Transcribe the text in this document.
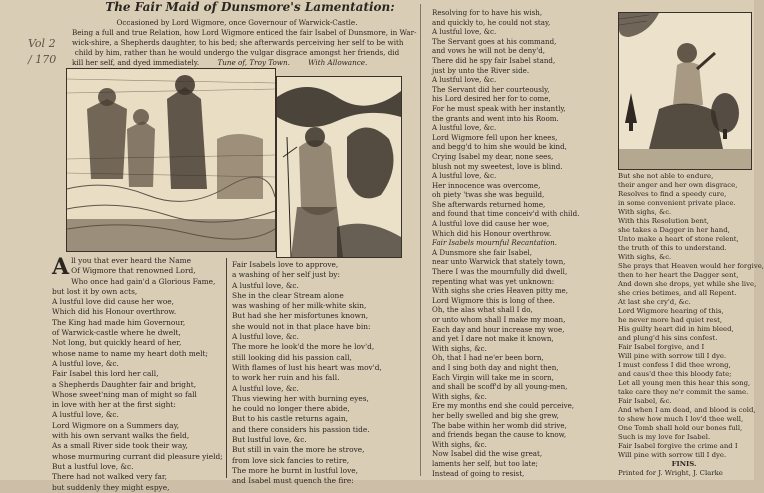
The Fair Maid of Dunsmore's Lamentation:
Occasioned by Lord Wigmore, once Governour of Warwick-Castle.
Being a full and true Relation, how Lord Wigmore enticed the fair Isabel of Dunsmore, in War-
wick-shire, a Shepherds daughter, to his bed; she afterwards perceiving her self to be with
child by him, rather than he would undergo the vulgar disgrace amongst her friends, did
kill her self, and dyed immediately.	Tune of, Troy Town.	With Allowance.
Vol 2 / 170
All you that ever heard the Name
Of Wigmore that renowned Lord,
Who once had gain'd a Glorious Fame,
but lost it by own acts,
A lustful love did cause her woe,
Which did his Honour overthrow.
The King had made him Governour,
of Warwick-castle where he dwelt,
Not long, but quickly heard of her,
whose name to name my heart doth melt;
A lustful love, &c.
Fair Isabel this lord her call,
a Shepherds Daughter fair and bright,
Whose sweet'ning man of might so fall
in love with her at the first sight:
A lustful love, &c.
Lord Wigmore on a Summers day,
with his own servant walks the field,
As a small River side took their way,
whose murmuring currant did pleasure yield;
But a lustful love, &c.
There had not walked very far,
but suddenly they might espye,
Fair Isabels love to approve,
a washing of her self just by:
A lustful love, &c.
She in the clear Stream alone
was washing of her milk-white skin,
But had she her misfortunes known,
she would not in that place have bin:
A lustful love, &c.
The more he look'd the more he lov'd,
still looking did his passion call,
With flames of lust his heart was mov'd,
to work her ruin and his fall.
A lustful love, &c.
Thus viewing her with burning eyes,
he could no longer there abide,
But to his castle returns again,
and there considers his passion tide.
But lustful love, &c.
But still in vain the more he strove,
from love sick fancies to retire,
The more he burnt in lustful love,
and Isabel must quench the fire:
Resolving for to have his wish,
and quickly to, he could not stay,
A lustful love, &c.
The Servant goes at his command,
and vows he will not be deny'd,
There did he spy fair Isabel stand,
just by unto the River side.
A lustful love, &c.
The Servant did her courteously,
his Lord desired her for to come,
For he must speak with her instantly,
the grants and went into his Room.
A lustful love, &c.
Lord Wigmore fell upon her knees,
and begg'd to him she would be kind,
Crying Isabel my dear, none sees,
blush not my sweetest, love is blind.
A lustful love, &c.
Her innocence was overcome,
oh piety 'twas she was beguild,
She afterwards returned home,
and found that time conceiv'd with child.
A lustful love did cause her woe,
Which did his Honour overthrow.
Fair Isabels mournful Recantation.
A Dunsmore she fair Isabel,
near unto Warwick that stately town,
There I was the mournfully did dwell,
repenting what was yet unknown:
With sighs she cries Heaven pitty me,
Lord Wigmore this is long of thee.
Oh, the alas what shall I do,
or unto whom shall I make my moan,
Each day and hour increase my woe,
and yet I dare not make it known,
With sighs, &c.
Oh, that I had ne'er been born,
and I sing both day and night then,
Each Virgin will take me in scorn,
and shall be scoff'd by all young-men,
With sighs, &c.
Ere my months end she could perceive,
her belly swelled and big she grew,
The babe within her womb did strive,
and friends began the cause to know,
With sighs, &c.
Now Isabel did the wise great,
laments her self, but too late;
Instead of going to resist,
But she not able to endure,
their anger and her own disgrace,
Resolves to find a speedy cure,
in some convenient private place.
With sighs, &c.
With this Resolution bent,
she takes a Dagger in her hand,
Unto make a heart of stone relent,
the truth of this to understand.
With sighs, &c.
She prays that Heaven would her forgive,
then to her heart the Dagger sent,
And down she drops, yet while she live,
she cries betimes, and all Repent.
At last she cry'd, &c.
Lord Wigmore hearing of this,
he never more had quiet rest,
His guilty heart did in him bleed,
and plung'd his sins confest.
Fair Isabel forgive, and I
Will pine with sorrow till I dye.
I must confess I did thee wrong,
and caus'd thee this bloody fate;
Let all young men this hear this song,
take care they ne'r commit the same.
Fair Isabel, &c.
And when I am dead, and blood is cold,
to shew how much I lov'd thee well,
One Tomb shall hold our bones full,
Such is my love for Isabel.
Fair Isabel forgive the crime and I
Will pine with sorrow till I dye.
FINIS.
Printed for J. Wright, J. Clarke
